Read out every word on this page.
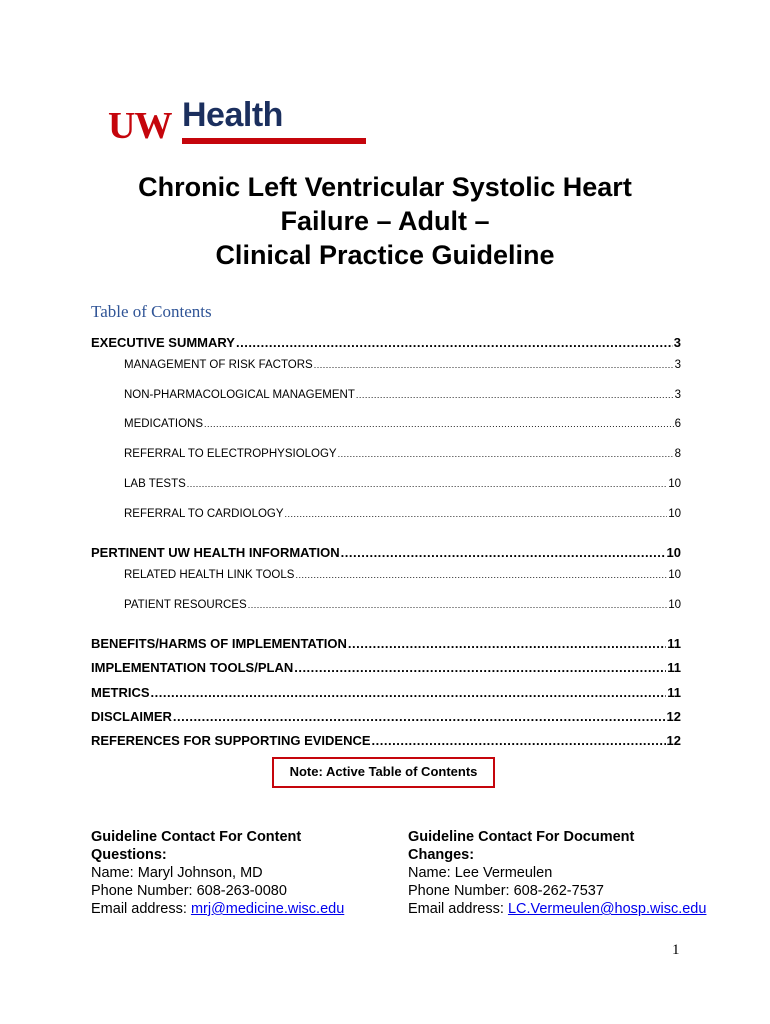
UW Health
Chronic Left Ventricular Systolic Heart
Failure – Adult –
Clinical Practice Guideline
Table of Contents
EXECUTIVE SUMMARY .....	3
MANAGEMENT OF RISK FACTORS .....	3
NON-PHARMACOLOGICAL MANAGEMENT .....	3
MEDICATIONS .....	6
REFERRAL TO ELECTROPHYSIOLOGY .....	8
LAB TESTS .....	10
REFERRAL TO CARDIOLOGY .....	10
PERTINENT UW HEALTH INFORMATION .....	10
RELATED HEALTH LINK TOOLS .....	10
PATIENT RESOURCES .....	10
BENEFITS/HARMS OF IMPLEMENTATION .....	11
IMPLEMENTATION TOOLS/PLAN .....	11
METRICS .....	11
DISCLAIMER .....	12
REFERENCES FOR SUPPORTING EVIDENCE .....	12
Note: Active Table of Contents
Guideline Contact For Content
Questions:
Name: Maryl Johnson, MD
Phone Number: 608-263-0080
Email address: mrj@medicine.wisc.edu
Guideline Contact For Document
Changes:
Name: Lee Vermeulen
Phone Number: 608-262-7537
Email address: LC.Vermeulen@hosp.wisc.edu
1
